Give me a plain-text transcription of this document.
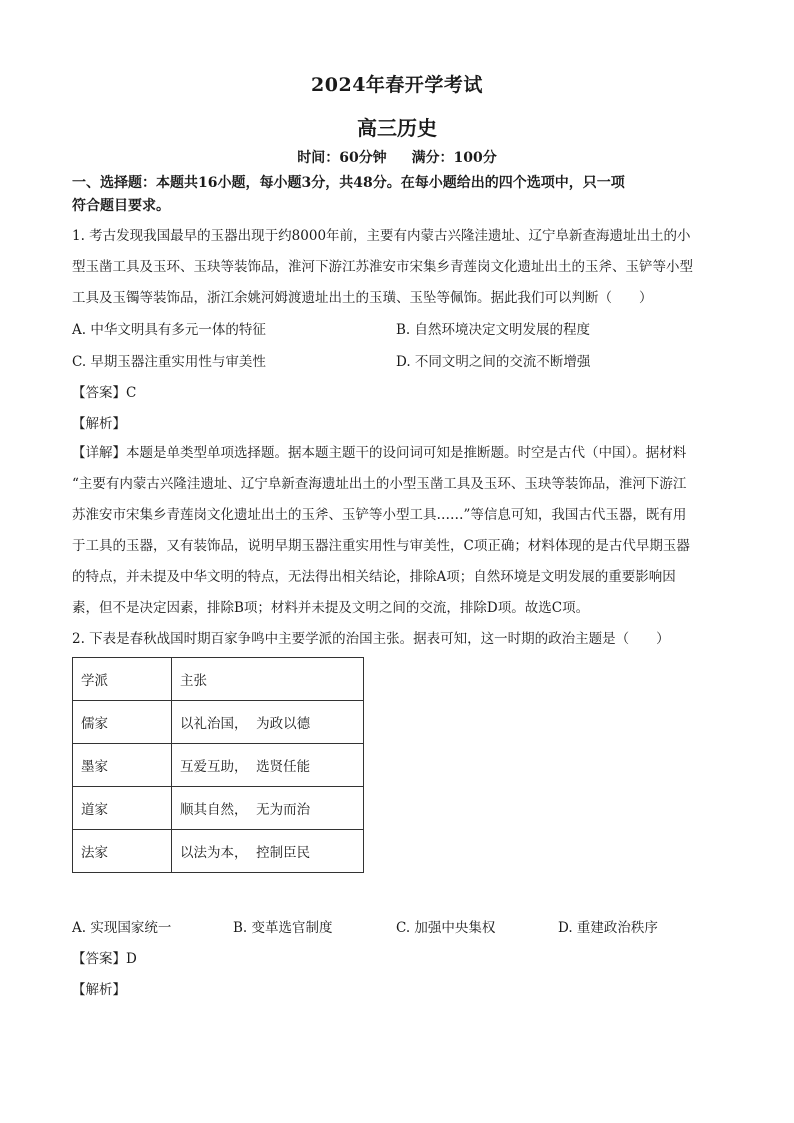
2024年春开学考试
高三历史
时间：60分钟 满分：100分
一、选择题：本题共16小题，每小题3分，共48分。在每小题给出的四个选项中，只一项
符合题目要求。
1. 考古发现我国最早的玉器出现于约8000年前，主要有内蒙古兴隆洼遗址、辽宁阜新查海遗址出土的小
型玉凿工具及玉环、玉玦等装饰品，淮河下游江苏淮安市宋集乡青莲岗文化遗址出土的玉斧、玉铲等小型
工具及玉镯等装饰品，浙江余姚河姆渡遗址出土的玉璜、玉坠等佩饰。据此我们可以判断（　　）
A. 中华文明具有多元一体的特征	B. 自然环境决定文明发展的程度
C. 早期玉器注重实用性与审美性	D. 不同文明之间的交流不断增强
【答案】C
【解析】
【详解】本题是单类型单项选择题。据本题主题干的设问词可知是推断题。时空是古代（中国）。据材料
“主要有内蒙古兴隆洼遗址、辽宁阜新查海遗址出土的小型玉凿工具及玉环、玉玦等装饰品，淮河下游江
苏淮安市宋集乡青莲岗文化遗址出土的玉斧、玉铲等小型工具……”等信息可知，我国古代玉器，既有用
于工具的玉器，又有装饰品，说明早期玉器注重实用性与审美性，C项正确；材料体现的是古代早期玉器
的特点，并未提及中华文明的特点，无法得出相关结论，排除A项；自然环境是文明发展的重要影响因
素，但不是决定因素，排除B项；材料并未提及文明之间的交流，排除D项。故选C项。
2. 下表是春秋战国时期百家争鸣中主要学派的治国主张。据表可知，这一时期的政治主题是（　　）
学派	主张
儒家	以礼治国，  为政以德
墨家	互爱互助，  选贤任能
道家	顺其自然，  无为而治
法家	以法为本，  控制臣民
A. 实现国家统一	B. 变革选官制度	C. 加强中央集权	D. 重建政治秩序
【答案】D
【解析】
